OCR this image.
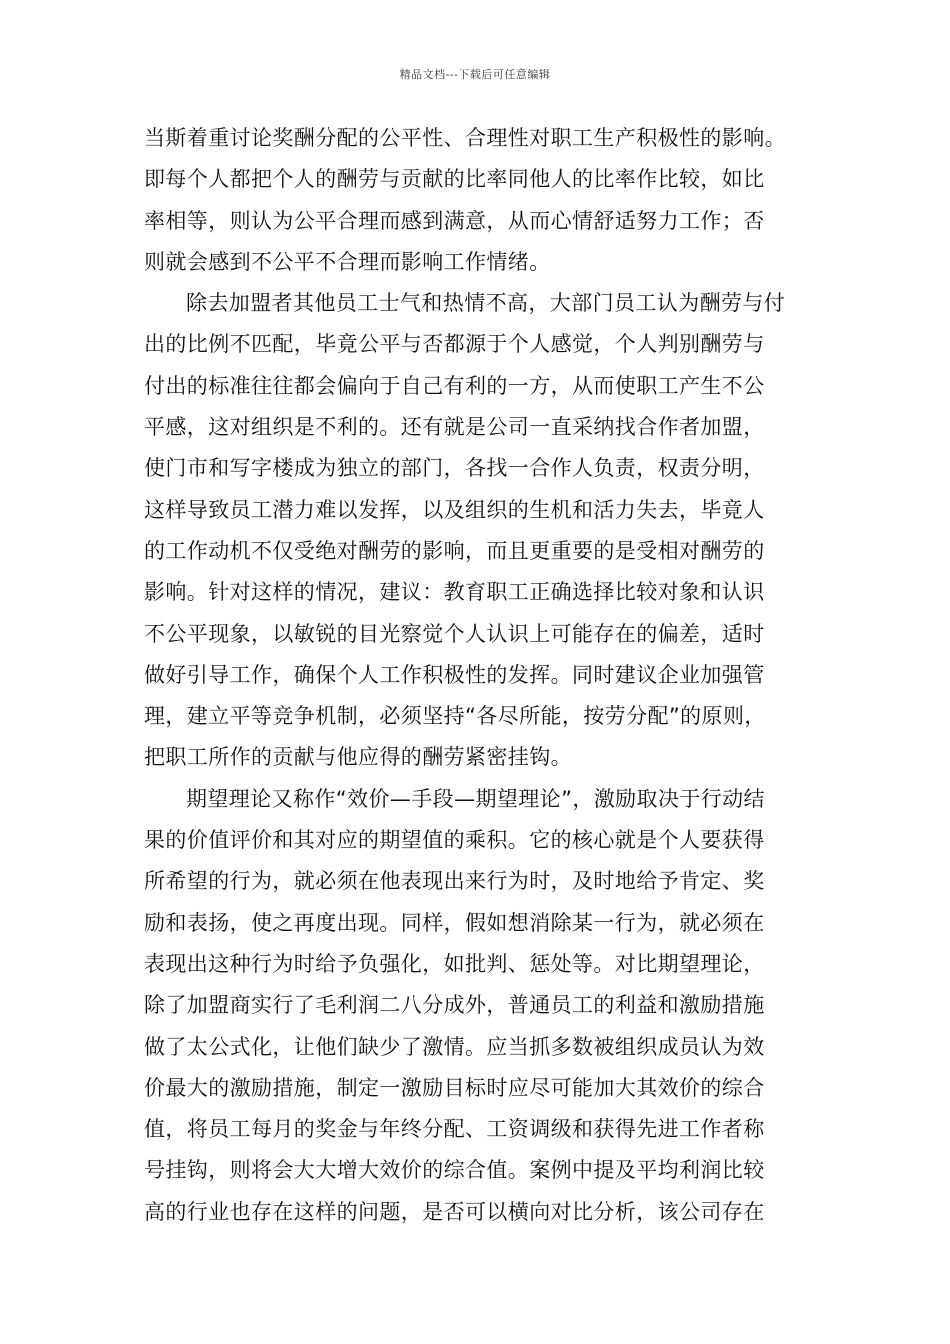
精品文档---下载后可任意编辑
当斯着重讨论奖酬分配的公平性、合理性对职工生产积极性的影响。
即每个人都把个人的酬劳与贡献的比率同他人的比率作比较，如比
率相等，则认为公平合理而感到满意，从而心情舒适努力工作；否
则就会感到不公平不合理而影响工作情绪。
除去加盟者其他员工士气和热情不高，大部门员工认为酬劳与付
出的比例不匹配，毕竟公平与否都源于个人感觉，个人判别酬劳与
付出的标准往往都会偏向于自己有利的一方，从而使职工产生不公
平感，这对组织是不利的。还有就是公司一直采纳找合作者加盟，
使门市和写字楼成为独立的部门，各找一合作人负责，权责分明，
这样导致员工潜力难以发挥，以及组织的生机和活力失去，毕竟人
的工作动机不仅受绝对酬劳的影响，而且更重要的是受相对酬劳的
影响。针对这样的情况，建议：教育职工正确选择比较对象和认识
不公平现象，以敏锐的目光察觉个人认识上可能存在的偏差，适时
做好引导工作，确保个人工作积极性的发挥。同时建议企业加强管
理，建立平等竞争机制，必须坚持“各尽所能，按劳分配”的原则，
把职工所作的贡献与他应得的酬劳紧密挂钩。
期望理论又称作“效价—手段—期望理论”，激励取决于行动结
果的价值评价和其对应的期望值的乘积。它的核心就是个人要获得
所希望的行为，就必须在他表现出来行为时，及时地给予肯定、奖
励和表扬，使之再度出现。同样，假如想消除某一行为，就必须在
表现出这种行为时给予负强化，如批判、惩处等。对比期望理论，
除了加盟商实行了毛利润二八分成外，普通员工的利益和激励措施
做了太公式化，让他们缺少了激情。应当抓多数被组织成员认为效
价最大的激励措施，制定一激励目标时应尽可能加大其效价的综合
值，将员工每月的奖金与年终分配、工资调级和获得先进工作者称
号挂钩，则将会大大增大效价的综合值。案例中提及平均利润比较
高的行业也存在这样的问题，是否可以横向对比分析，该公司存在
